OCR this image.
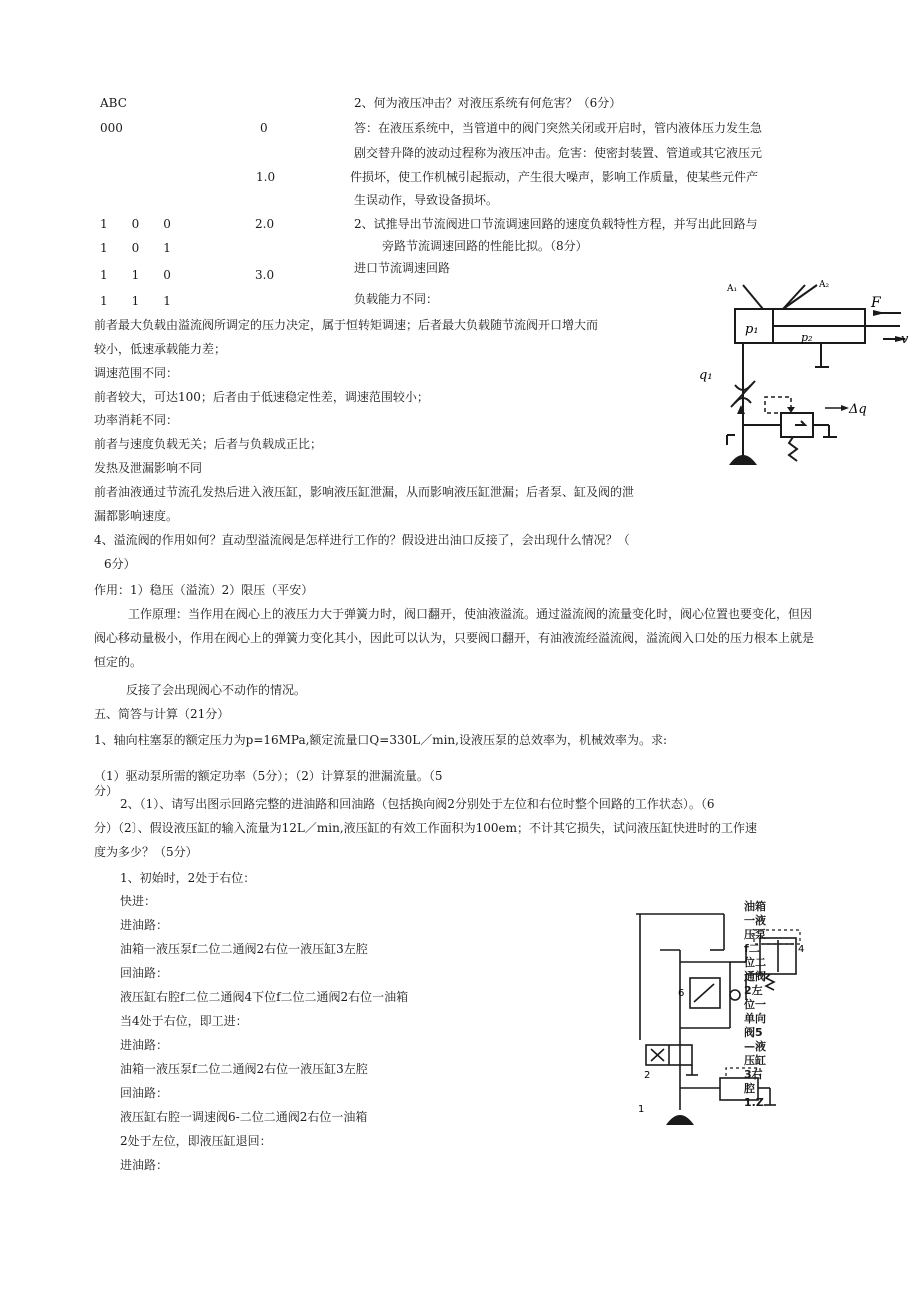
ABC
000	0
1.0
1　　0　　0	2.0
1　　0　　1
1　　1　　0	3.0
1　　1　　1
2、何为液压冲击？对液压系统有何危害？（6分）
答：在液压系统中，当管道中的阀门突然关闭或开启时，管内液体压力发生急
剧交替升降的波动过程称为液压冲击。危害：使密封装置、管道或其它液压元
件损坏，使工作机械引起振动，产生很大噪声，影响工作质量，使某些元件产
生误动作，导致设备损坏。
2、试推导出节流阀进口节流调速回路的速度负载特性方程，并写出此回路与
旁路节流调速回路的性能比拟。（8分）
进口节流调速回路
负载能力不同：
前者最大负载由溢流阀所调定的压力决定，属于恒转矩调速；后者最大负载随节流阀开口增大而
较小，低速承载能力差；
调速范围不同：
前者较大，可达100；后者由于低速稳定性差，调速范围较小；
功率消耗不同：
前者与速度负载无关；后者与负载成正比；
发热及泄漏影响不同
前者油液通过节流孔发热后进入液压缸，影响液压缸泄漏，从而影响液压缸泄漏；后者泵、缸及阀的泄
漏都影响速度。
A₁	A₂
p₁
p₂
F
v
q₁
Δq
4、溢流阀的作用如何？直动型溢流阀是怎样进行工作的？假设进出油口反接了，会出现什么情况？（
6分）
作用：1）稳压（溢流）2）限压（平安）
工作原理：当作用在阀心上的液压力大于弹簧力时，阀口翻开，使油液溢流。通过溢流阀的流量变化时，阀心位置也要变化，但因阀心移动量极小，作用在阀心上的弹簧力变化其小，因此可以认为，只要阀口翻开，有油液流经溢流阀，溢流阀入口处的压力根本上就是恒定的。
反接了会出现阀心不动作的情况。
五、简答与计算（21分）
1、轴向柱塞泵的额定压力为p=16MPa,额定流量口Q=330L／min,设液压泵的总效率为，机械效率为。求:
（1）驱动泵所需的额定功率（5分）；（2）计算泵的泄漏流量。（5
分）
2、（1）、请写出图示回路完整的进油路和回油路（包括换向阀2分别处于左位和右位时整个回路的工作状态）。（6
分）（2〕、假设液压缸的输入流量为12L／min,液压缸的有效工作面积为100em；不计其它损失，试问液压缸快进时的工作速
度为多少？（5分）
1、初始时，2处于右位：
快进：
进油路：
油箱一液压泵f二位二通阀2右位一液压缸3左腔
回油路：
液压缸右腔f二位二通阀4下位f二位二通阀2右位一油箱
当4处于右位，即工进：
进油路：
油箱一液压泵f二位二通阀2右位一液压缸3左腔
回油路：
液压缸右腔一调速阀6-二位二通阀2右位一油箱
2处于左位，即液压缸退回：
进油路：
1
2
4
6
油箱一液压泵f二位二通阀2左位一单向阀5—液压缸3右腔1.Z
